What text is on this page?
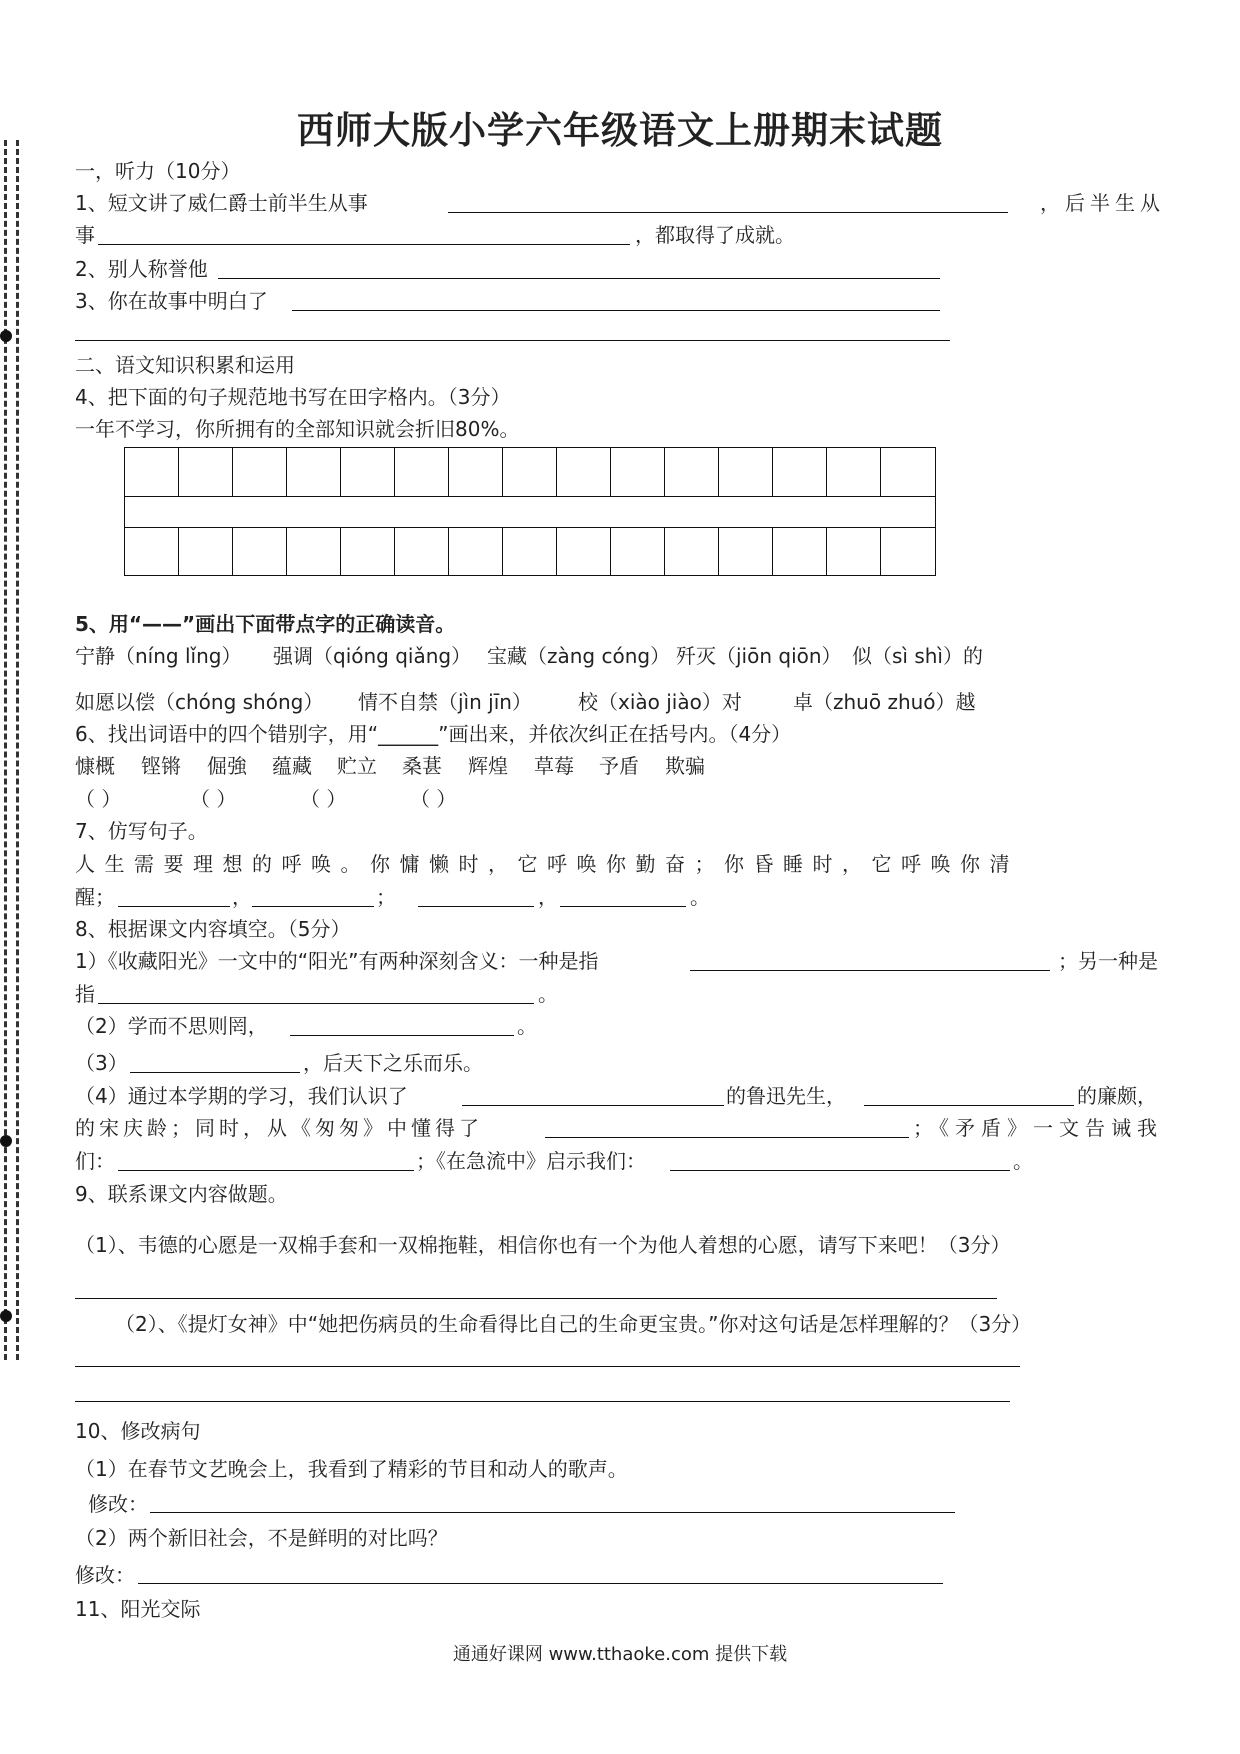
西师大版小学六年级语文上册期末试题
一，听力（10分）
1、短文讲了威仁爵士前半生从事	，后半生从
事	，都取得了成就。
2、别人称誉他
3、你在故事中明白了
二、语文知识积累和运用
4、把下面的句子规范地书写在田字格内。（3分）
一年不学习，你所拥有的全部知识就会折旧80%。
5、用“——”画出下面带点字的正确读音。
宁静（níng lǐng） 强调（qióng qiǎng） 宝藏（zàng cóng） 歼灭（jiōn qiōn） 似（sì shì）的
如愿以偿（chóng shóng） 情不自禁（jìn jīn） 校（xiào jiào）对	卓（zhuō zhuó）越
6、找出词语中的四个错别字，用“______”画出来，并依次纠正在括号内。（4分）
慷概 铿锵 倔強 蕴藏 贮立 桑葚 辉煌 草莓 予盾 欺骗
（ ）	（ ）	（ ）	（ ）
7、仿写句子。
人生需要理想的呼唤。你慵懒时，它呼唤你勤奋；你昏睡时，它呼唤你清
醒；	，	；	，	。
8、根据课文内容填空。（5分）
1）《收藏阳光》一文中的“阳光”有两种深刻含义：一种是指	；另一种是
指	。
（2）学而不思则罔，	。
（3）	，后天下之乐而乐。
（4）通过本学期的学习，我们认识了	的鲁迅先生，	的廉颇，
的宋庆龄；同时，从《匆匆》中懂得了	；《矛盾》一文告诫我
们：	；《在急流中》启示我们：	。
9、联系课文内容做题。
（1）、韦德的心愿是一双棉手套和一双棉拖鞋，相信你也有一个为他人着想的心愿，请写下来吧！（3分）
（2）、《提灯女神》中“她把伤病员的生命看得比自己的生命更宝贵。”你对这句话是怎样理解的？（3分）
10、修改病句
（1）在春节文艺晚会上，我看到了精彩的节目和动人的歌声。
修改：
（2）两个新旧社会，不是鲜明的对比吗？
修改：
11、阳光交际
通通好课网 www.tthaoke.com 提供下载
